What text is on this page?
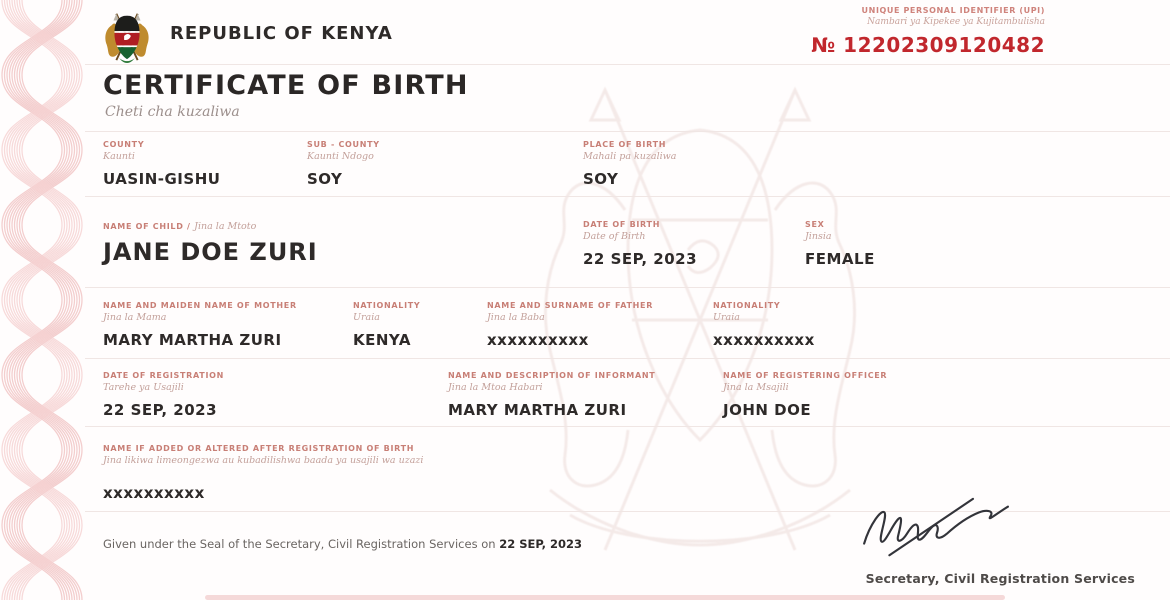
REPUBLIC OF KENYA
UNIQUE PERSONAL IDENTIFIER (UPI)
Nambari ya Kipekee ya Kujitambulisha
№ 12202309120482
CERTIFICATE OF BIRTH
Cheti cha kuzaliwa
COUNTY
Kaunti
UASIN-GISHU
SUB - COUNTY
Kaunti Ndogo
SOY
PLACE OF BIRTH
Mahali pa kuzaliwa
SOY
NAME OF CHILD / Jina la Mtoto
JANE DOE ZURI
DATE OF BIRTH
Date of Birth
22 SEP, 2023
SEX
Jinsia
FEMALE
NAME AND MAIDEN NAME OF MOTHER
Jina la Mama
MARY MARTHA ZURI
NATIONALITY
Uraia
KENYA
NAME AND SURNAME OF FATHER
Jina la Baba
xxxxxxxxxx
NATIONALITY
Uraia
xxxxxxxxxx
DATE OF REGISTRATION
Tarehe ya Usajili
22 SEP, 2023
NAME AND DESCRIPTION OF INFORMANT
Jina la Mtoa Habari
MARY MARTHA ZURI
NAME OF REGISTERING OFFICER
Jina la Msajili
JOHN DOE
NAME IF ADDED OR ALTERED AFTER REGISTRATION OF BIRTH
Jina likiwa limeongezwa au kubadilishwa baada ya usajili wa uzazi
xxxxxxxxxx
Given under the Seal of the Secretary, Civil Registration Services on 22 SEP, 2023
Secretary, Civil Registration Services
